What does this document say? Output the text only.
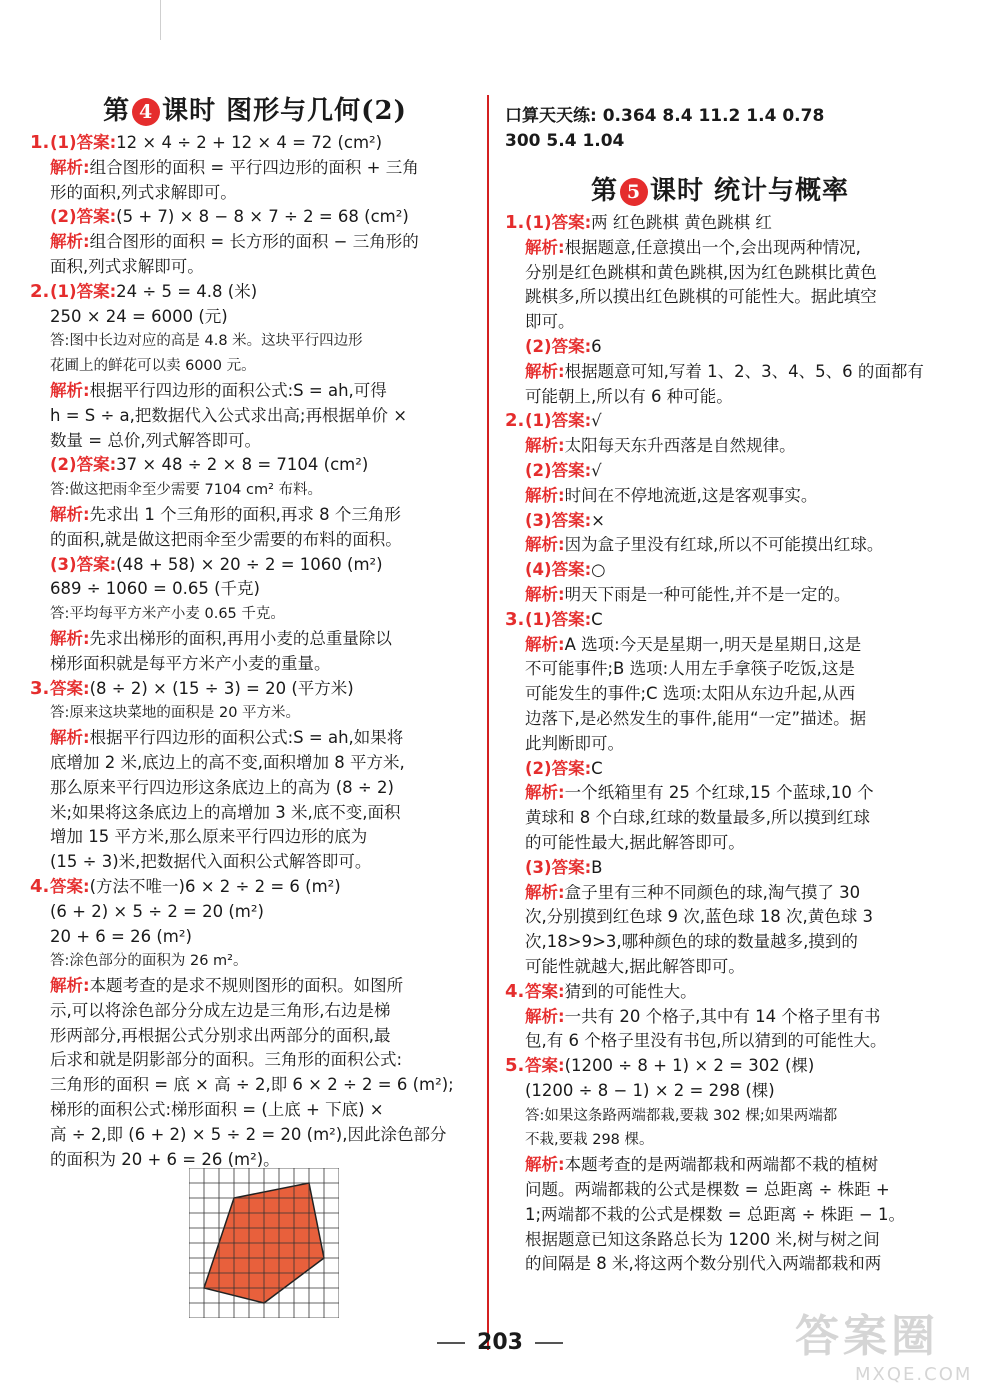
第 4 课时 图形与几何(2)
1.(1)答案:12 × 4 ÷ 2 + 12 × 4 = 72 (cm²)
解析:组合图形的面积 = 平行四边形的面积 + 三角
形的面积,列式求解即可。
(2)答案:(5 + 7) × 8 − 8 × 7 ÷ 2 = 68 (cm²)
解析:组合图形的面积 = 长方形的面积 − 三角形的
面积,列式求解即可。
2.(1)答案:24 ÷ 5 = 4.8 (米)
250 × 24 = 6000 (元)
答:图中长边对应的高是 4.8 米。这块平行四边形
花圃上的鲜花可以卖 6000 元。
解析:根据平行四边形的面积公式:S = ah,可得
h = S ÷ a,把数据代入公式求出高;再根据单价 ×
数量 = 总价,列式解答即可。
(2)答案:37 × 48 ÷ 2 × 8 = 7104 (cm²)
答:做这把雨伞至少需要 7104 cm² 布料。
解析:先求出 1 个三角形的面积,再求 8 个三角形
的面积,就是做这把雨伞至少需要的布料的面积。
(3)答案:(48 + 58) × 20 ÷ 2 = 1060 (m²)
689 ÷ 1060 = 0.65 (千克)
答:平均每平方米产小麦 0.65 千克。
解析:先求出梯形的面积,再用小麦的总重量除以
梯形面积就是每平方米产小麦的重量。
3.答案:(8 ÷ 2) × (15 ÷ 3) = 20 (平方米)
答:原来这块菜地的面积是 20 平方米。
解析:根据平行四边形的面积公式:S = ah,如果将
底增加 2 米,底边上的高不变,面积增加 8 平方米,
那么原来平行四边形这条底边上的高为 (8 ÷ 2)
米;如果将这条底边上的高增加 3 米,底不变,面积
增加 15 平方米,那么原来平行四边形的底为
(15 ÷ 3)米,把数据代入面积公式解答即可。
4.答案:(方法不唯一)6 × 2 ÷ 2 = 6 (m²)
(6 + 2) × 5 ÷ 2 = 20 (m²)
20 + 6 = 26 (m²)
答:涂色部分的面积为 26 m²。
解析:本题考查的是求不规则图形的面积。如图所
示,可以将涂色部分分成左边是三角形,右边是梯
形两部分,再根据公式分别求出两部分的面积,最
后求和就是阴影部分的面积。三角形的面积公式:
三角形的面积 = 底 × 高 ÷ 2,即 6 × 2 ÷ 2 = 6 (m²);
梯形的面积公式:梯形面积 = (上底 + 下底) ×
高 ÷ 2,即 (6 + 2) × 5 ÷ 2 = 20 (m²),因此涂色部分
的面积为 20 + 6 = 26 (m²)。
口算天天练: 0.364 8.4 11.2 1.4 0.78
300 5.4 1.04
第 5 课时 统计与概率
1.(1)答案:两 红色跳棋 黄色跳棋 红
解析:根据题意,任意摸出一个,会出现两种情况,
分别是红色跳棋和黄色跳棋,因为红色跳棋比黄色
跳棋多,所以摸出红色跳棋的可能性大。据此填空
即可。
(2)答案:6
解析:根据题意可知,写着 1、2、3、4、5、6 的面都有
可能朝上,所以有 6 种可能。
2.(1)答案:√
解析:太阳每天东升西落是自然规律。
(2)答案:√
解析:时间在不停地流逝,这是客观事实。
(3)答案:×
解析:因为盒子里没有红球,所以不可能摸出红球。
(4)答案:○
解析:明天下雨是一种可能性,并不是一定的。
3.(1)答案:C
解析:A 选项:今天是星期一,明天是星期日,这是
不可能事件;B 选项:人用左手拿筷子吃饭,这是
可能发生的事件;C 选项:太阳从东边升起,从西
边落下,是必然发生的事件,能用“一定”描述。据
此判断即可。
(2)答案:C
解析:一个纸箱里有 25 个红球,15 个蓝球,10 个
黄球和 8 个白球,红球的数量最多,所以摸到红球
的可能性最大,据此解答即可。
(3)答案:B
解析:盒子里有三种不同颜色的球,淘气摸了 30
次,分别摸到红色球 9 次,蓝色球 18 次,黄色球 3
次,18>9>3,哪种颜色的球的数量越多,摸到的
可能性就越大,据此解答即可。
4.答案:猜到的可能性大。
解析:一共有 20 个格子,其中有 14 个格子里有书
包,有 6 个格子里没有书包,所以猜到的可能性大。
5.答案:(1200 ÷ 8 + 1) × 2 = 302 (棵)
(1200 ÷ 8 − 1) × 2 = 298 (棵)
答:如果这条路两端都栽,要栽 302 棵;如果两端都
不栽,要栽 298 棵。
解析:本题考查的是两端都栽和两端都不栽的植树
问题。两端都栽的公式是棵数 = 总距离 ÷ 株距 +
1;两端都不栽的公式是棵数 = 总距离 ÷ 株距 − 1。
根据题意已知这条路总长为 1200 米,树与树之间
的间隔是 8 米,将这两个数分别代入两端都栽和两
203	答案圈
MXQE.COM
